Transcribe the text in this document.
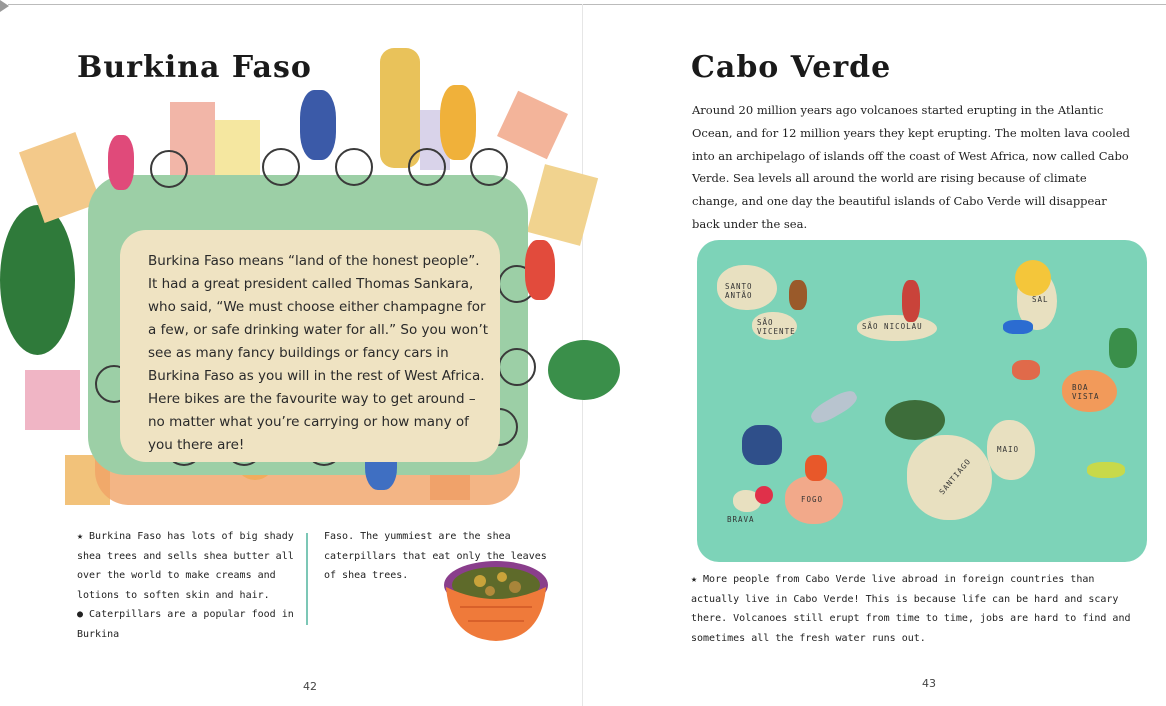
Burkina Faso
Burkina Faso means “land of the honest people”. It had a great president called Thomas Sankara, who said, “We must choose either champagne for a few, or safe drinking water for all.” So you won’t see as many fancy buildings or fancy cars in Burkina Faso as you will in the rest of West Africa. Here bikes are the favourite way to get around – no matter what you’re carrying or how many of you there are!
★ Burkina Faso has lots of big shady shea trees and sells shea butter all over the world to make creams and lotions to soften skin and hair.
● Caterpillars are a popular food in Burkina
Faso. The yummiest are the shea caterpillars that eat only the leaves of shea trees.
42
Cabo Verde
Around 20 million years ago volcanoes started erupting in the Atlantic Ocean, and for 12 million years they kept erupting. The molten lava cooled into an archipelago of islands off the coast of West Africa, now called Cabo Verde. Sea levels all around the world are rising because of climate change, and one day the beautiful islands of Cabo Verde will disappear back under the sea.
SANTO ANTÃO
SÃO VICENTE
SÃO NICOLAU
SAL
BOA VISTA
MAIO
SANTIAGO
FOGO
BRAVA
★ More people from Cabo Verde live abroad in foreign countries than actually live in Cabo Verde! This is because life can be hard and scary there. Volcanoes still erupt from time to time, jobs are hard to find and sometimes all the fresh water runs out.
43
